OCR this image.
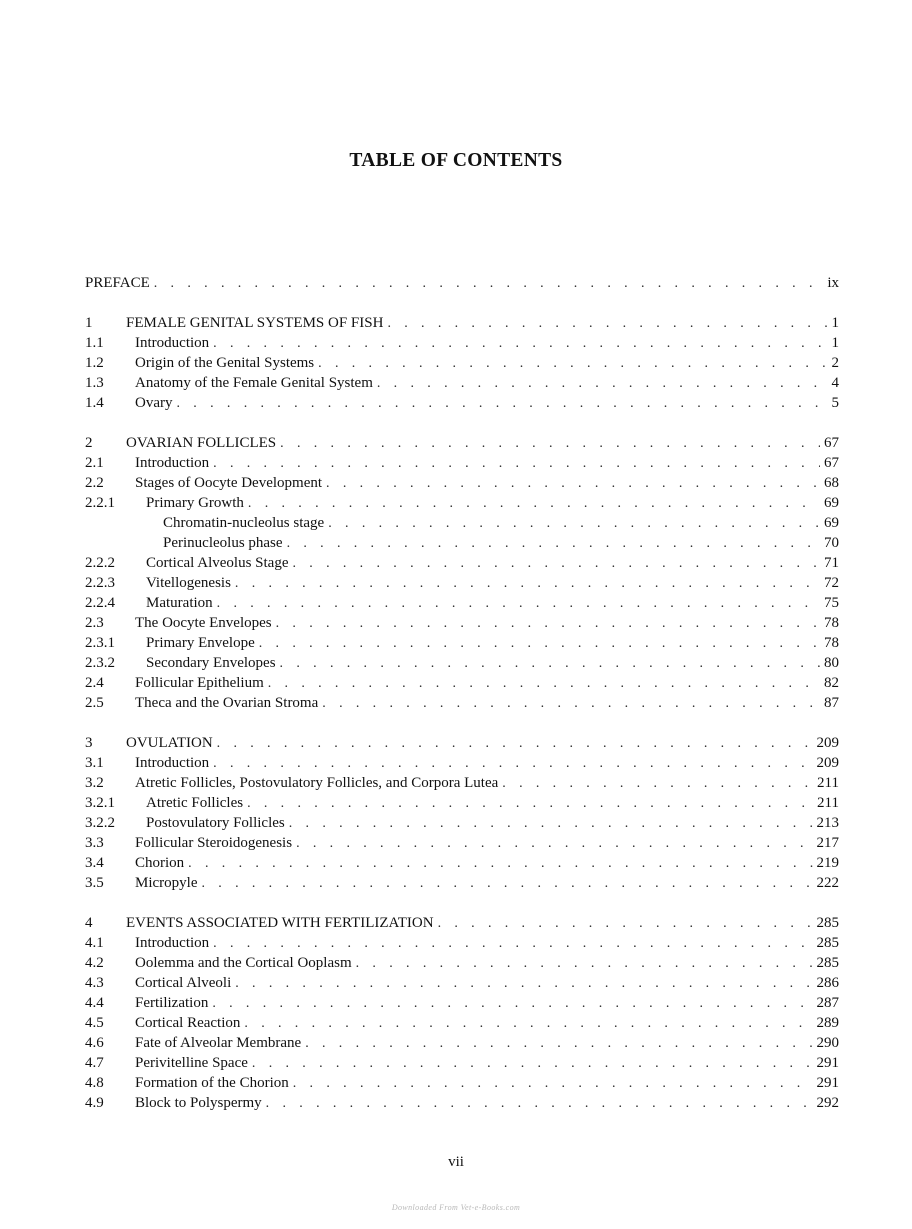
TABLE OF CONTENTS
PREFACE . . .	ix
1	FEMALE GENITAL SYSTEMS OF FISH . . .	1
1.1	Introduction . . .	1
1.2	Origin of the Genital Systems . . .	2
1.3	Anatomy of the Female Genital System . . .	4
1.4	Ovary . . .	5
2	OVARIAN FOLLICLES . . .	67
2.1	Introduction . . .	67
2.2	Stages of Oocyte Development . . .	68
2.2.1	Primary Growth . . .	69
Chromatin-nucleolus stage . . .	69
Perinucleolus phase . . .	70
2.2.2	Cortical Alveolus Stage . . .	71
2.2.3	Vitellogenesis . . .	72
2.2.4	Maturation . . .	75
2.3	The Oocyte Envelopes . . .	78
2.3.1	Primary Envelope . . .	78
2.3.2	Secondary Envelopes . . .	80
2.4	Follicular Epithelium . . .	82
2.5	Theca and the Ovarian Stroma . . .	87
3	OVULATION . . .	209
3.1	Introduction . . .	209
3.2	Atretic Follicles, Postovulatory Follicles, and Corpora Lutea . . .	211
3.2.1	Atretic Follicles . . .	211
3.2.2	Postovulatory Follicles . . .	213
3.3	Follicular Steroidogenesis . . .	217
3.4	Chorion . . .	219
3.5	Micropyle . . .	222
4	EVENTS ASSOCIATED WITH FERTILIZATION . . .	285
4.1	Introduction . . .	285
4.2	Oolemma and the Cortical Ooplasm . . .	285
4.3	Cortical Alveoli . . .	286
4.4	Fertilization . . .	287
4.5	Cortical Reaction . . .	289
4.6	Fate of Alveolar Membrane . . .	290
4.7	Perivitelline Space . . .	291
4.8	Formation of the Chorion . . .	291
4.9	Block to Polyspermy . . .	292
vii
Downloaded From Vet-e-Books.com
